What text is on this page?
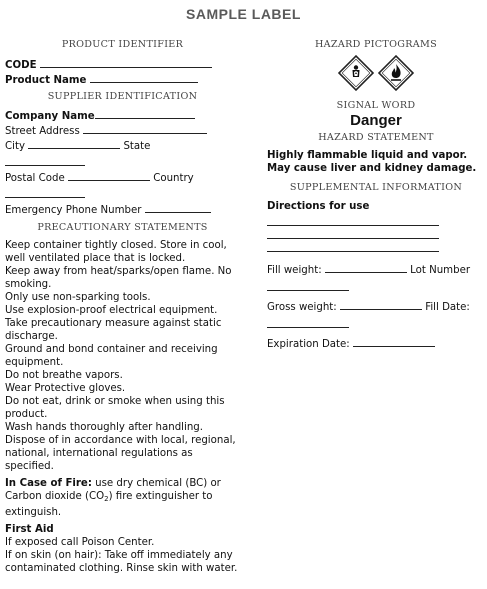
SAMPLE LABEL
PRODUCT IDENTIFIER
CODE
Product Name
SUPPLIER IDENTIFICATION
Company Name
Street Address
City	State
Postal Code	Country
Emergency Phone Number
PRECAUTIONARY STATEMENTS
Keep container tightly closed. Store in cool, well ventilated place that is locked.
Keep away from heat/sparks/open flame. No smoking.
Only use non-sparking tools.
Use explosion-proof electrical equipment.
Take precautionary measure against static discharge.
Ground and bond container and receiving equipment.
Do not breathe vapors.
Wear Protective gloves.
Do not eat, drink or smoke when using this product.
Wash hands thoroughly after handling.
Dispose of in accordance with local, regional, national, international regulations as specified.
In Case of Fire: use dry chemical (BC) or Carbon dioxide (CO2) fire extinguisher to extinguish.
First Aid
If exposed call Poison Center.
If on skin (on hair): Take off immediately any contaminated clothing. Rinse skin with water.
HAZARD PICTOGRAMS
SIGNAL WORD
Danger
HAZARD STATEMENT
Highly flammable liquid and vapor.
May cause liver and kidney damage.
SUPPLEMENTAL INFORMATION
Directions for use
Fill weight:	Lot Number
Gross weight:	Fill Date:
Expiration Date:
